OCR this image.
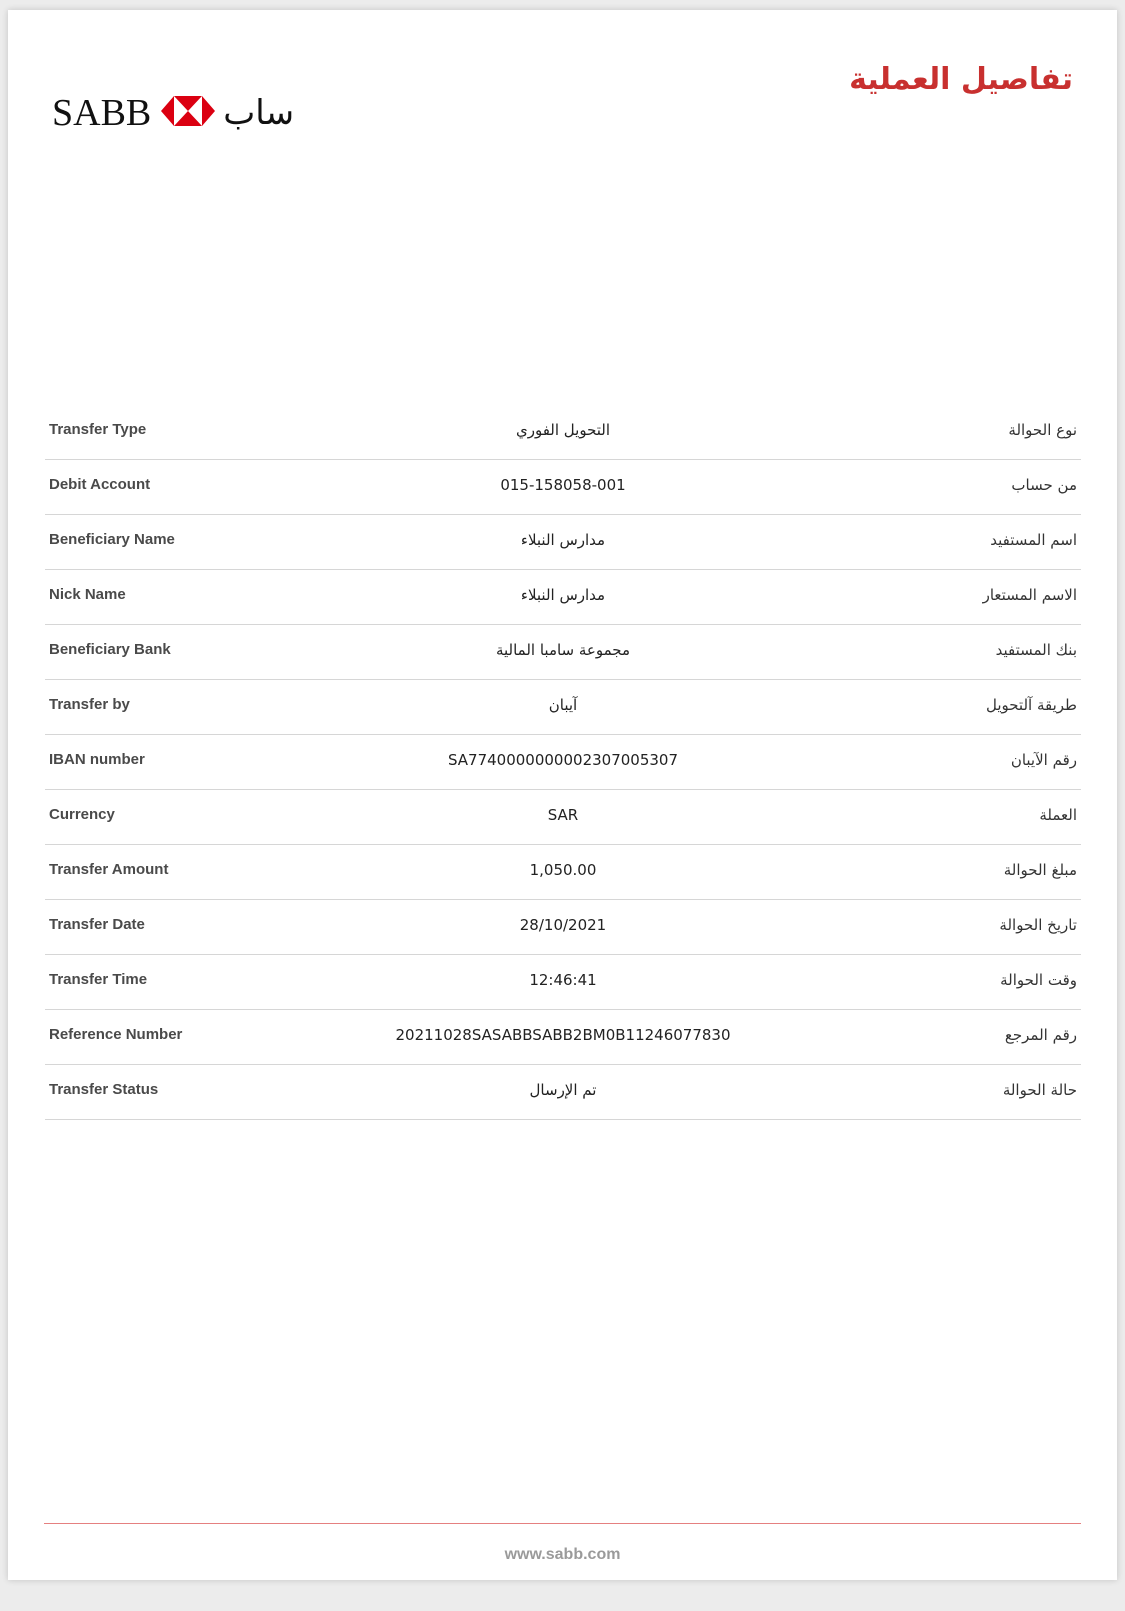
تفاصيل العملية
SABB ساب
Transfer Type	التحويل الفوري	نوع الحوالة
Debit Account	015-158058-001	من حساب
Beneficiary Name	مدارس النبلاء	اسم المستفيد
Nick Name	مدارس النبلاء	الاسم المستعار
Beneficiary Bank	مجموعة سامبا المالية	بنك المستفيد
Transfer by	آيبان	طريقة آلتحويل
IBAN number	SA7740000000002307005307	رقم الآيبان
Currency	SAR	العملة
Transfer Amount	1,050.00	مبلغ الحوالة
Transfer Date	28/10/2021	تاريخ الحوالة
Transfer Time	12:46:41	وقت الحوالة
Reference Number	20211028SASABBSABB2BM0B11246077830	رقم المرجع
Transfer Status	تم الإرسال	حالة الحوالة
www.sabb.com
